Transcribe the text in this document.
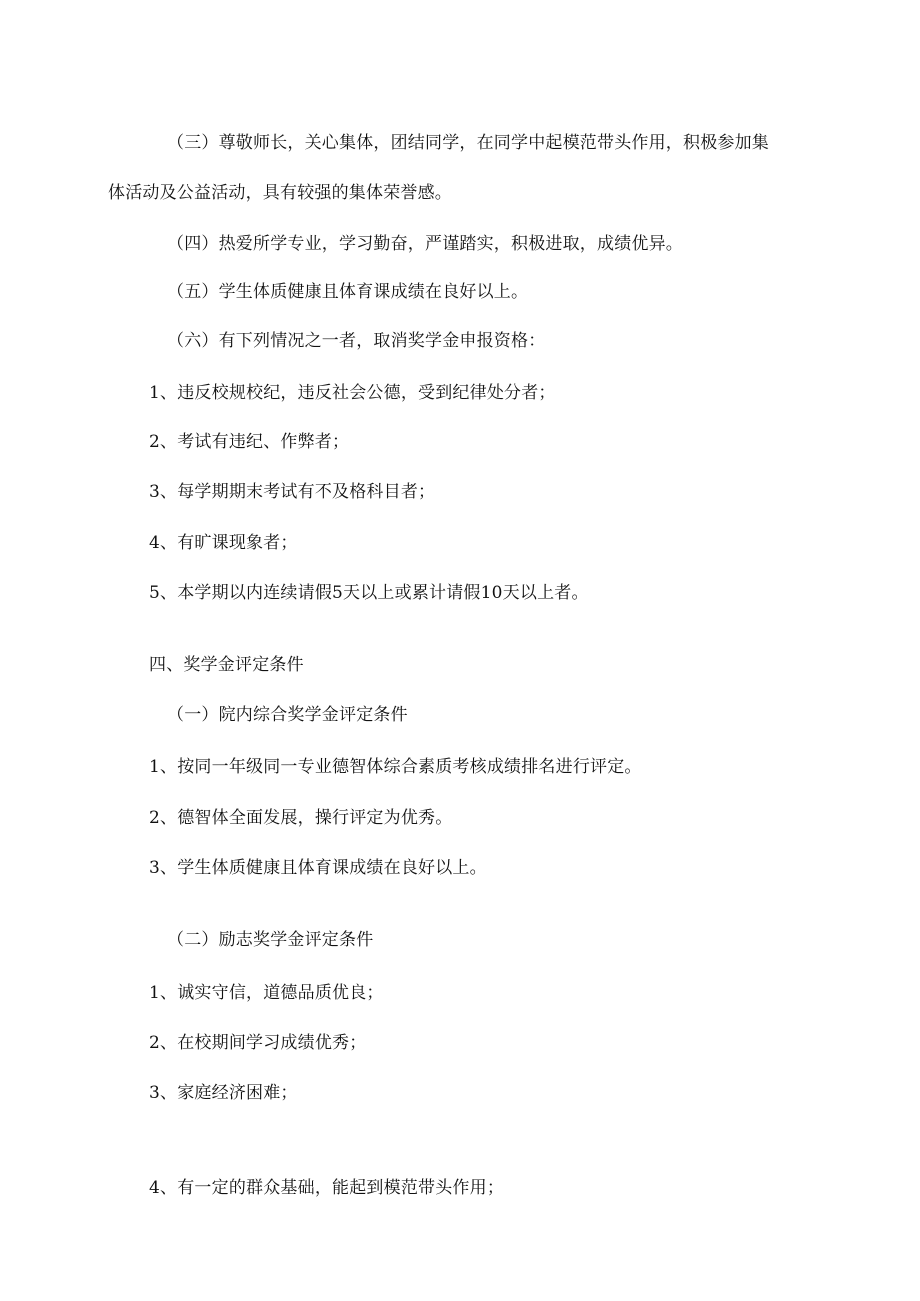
（三）尊敬师长，关心集体，团结同学，在同学中起模范带头作用，积极参加集
体活动及公益活动，具有较强的集体荣誉感。
（四）热爱所学专业，学习勤奋，严谨踏实，积极进取，成绩优异。
（五）学生体质健康且体育课成绩在良好以上。
（六）有下列情况之一者，取消奖学金申报资格：
1、违反校规校纪，违反社会公德，受到纪律处分者；
2、考试有违纪、作弊者；
3、每学期期末考试有不及格科目者；
4、有旷课现象者；
5、本学期以内连续请假5天以上或累计请假10天以上者。
四、奖学金评定条件
（一）院内综合奖学金评定条件
1、按同一年级同一专业德智体综合素质考核成绩排名进行评定。
2、德智体全面发展，操行评定为优秀。
3、学生体质健康且体育课成绩在良好以上。
（二）励志奖学金评定条件
1、诚实守信，道德品质优良；
2、在校期间学习成绩优秀；
3、家庭经济困难；
4、有一定的群众基础，能起到模范带头作用；
